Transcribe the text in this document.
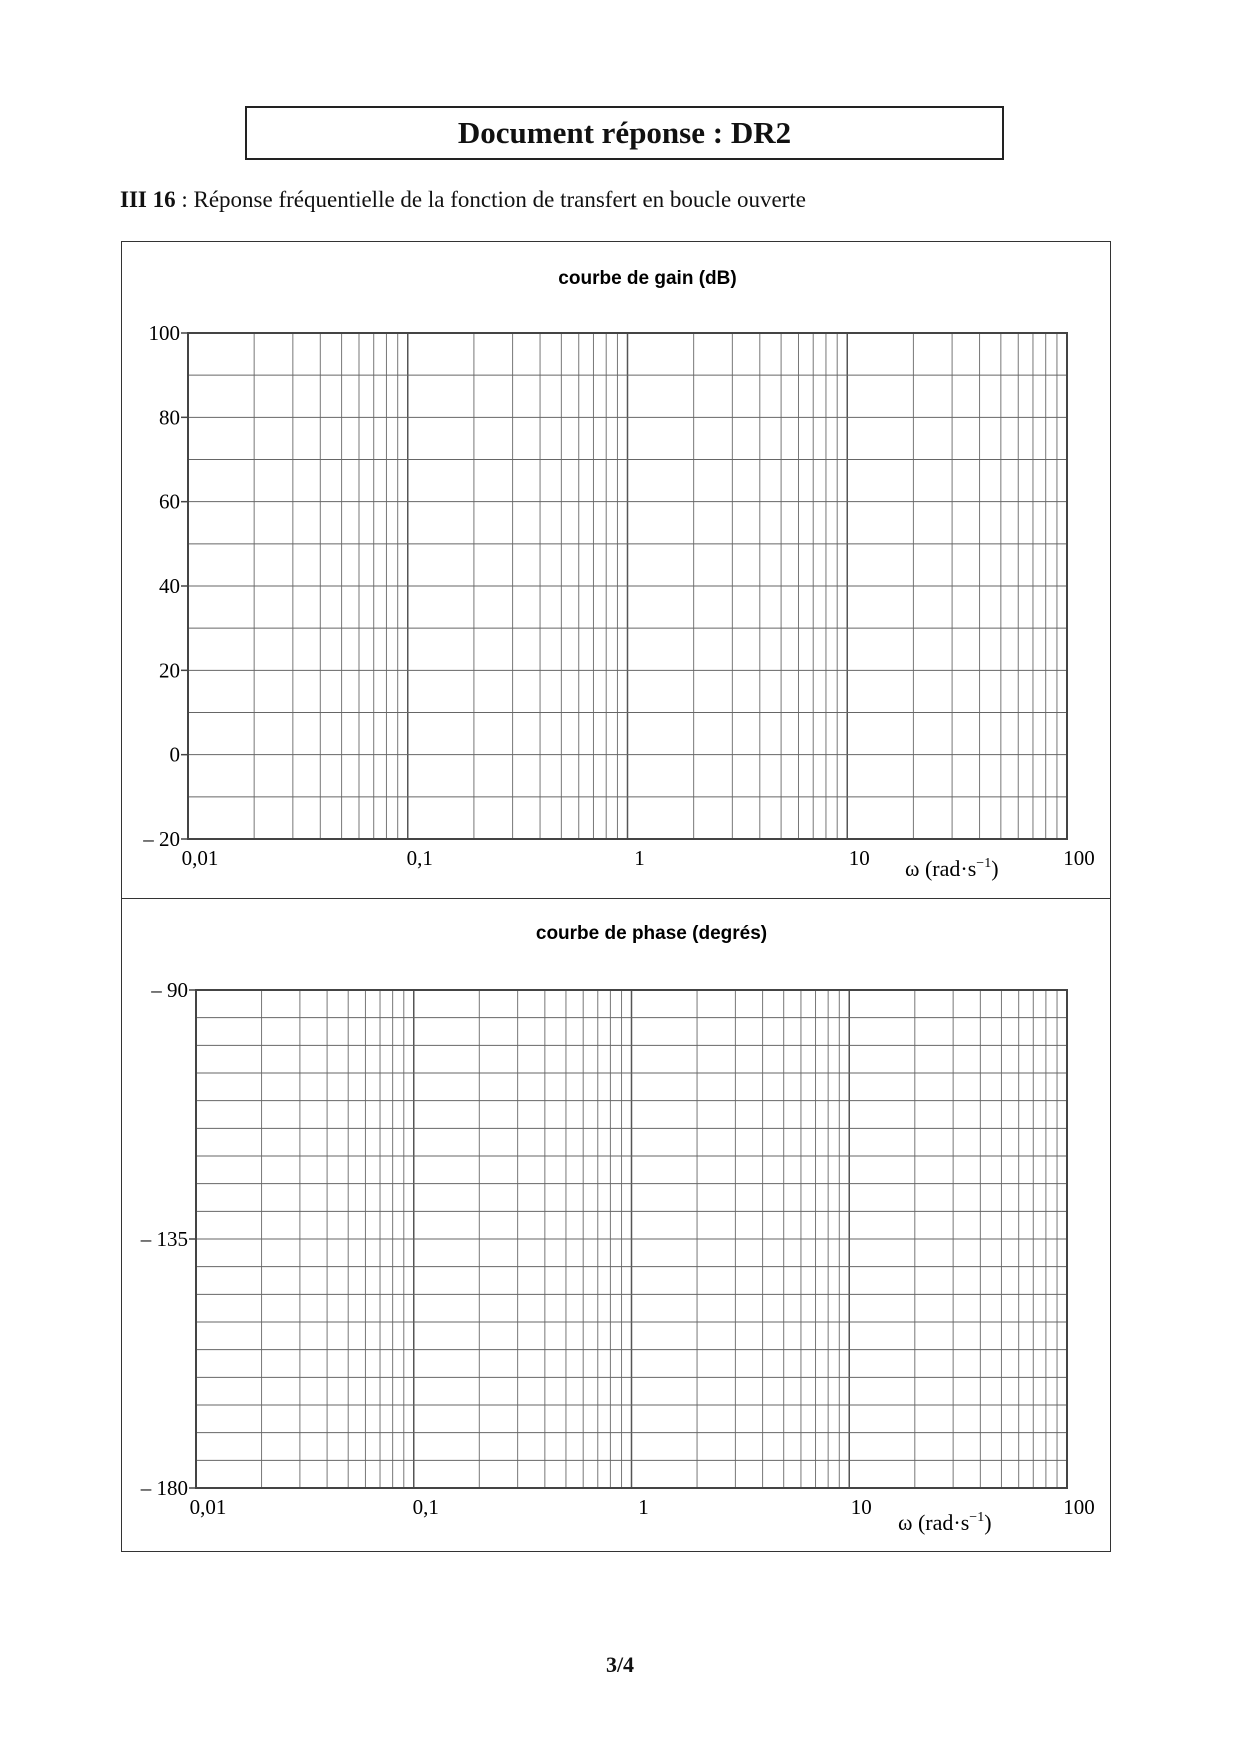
Document réponse : DR2
III 16 : Réponse fréquentielle de la fonction de transfert en boucle ouverte
courbe de gain (dB)
– 20
0
20
40
60
80
100
0,01	0,1	1	10	100
ω $(rad\cdot s^{-1})$
courbe de phase (degrés)
– 180
– 135
– 90
0,01	0,1	1	10	100
ω $(rad\cdot s^{-1})$
3/4
